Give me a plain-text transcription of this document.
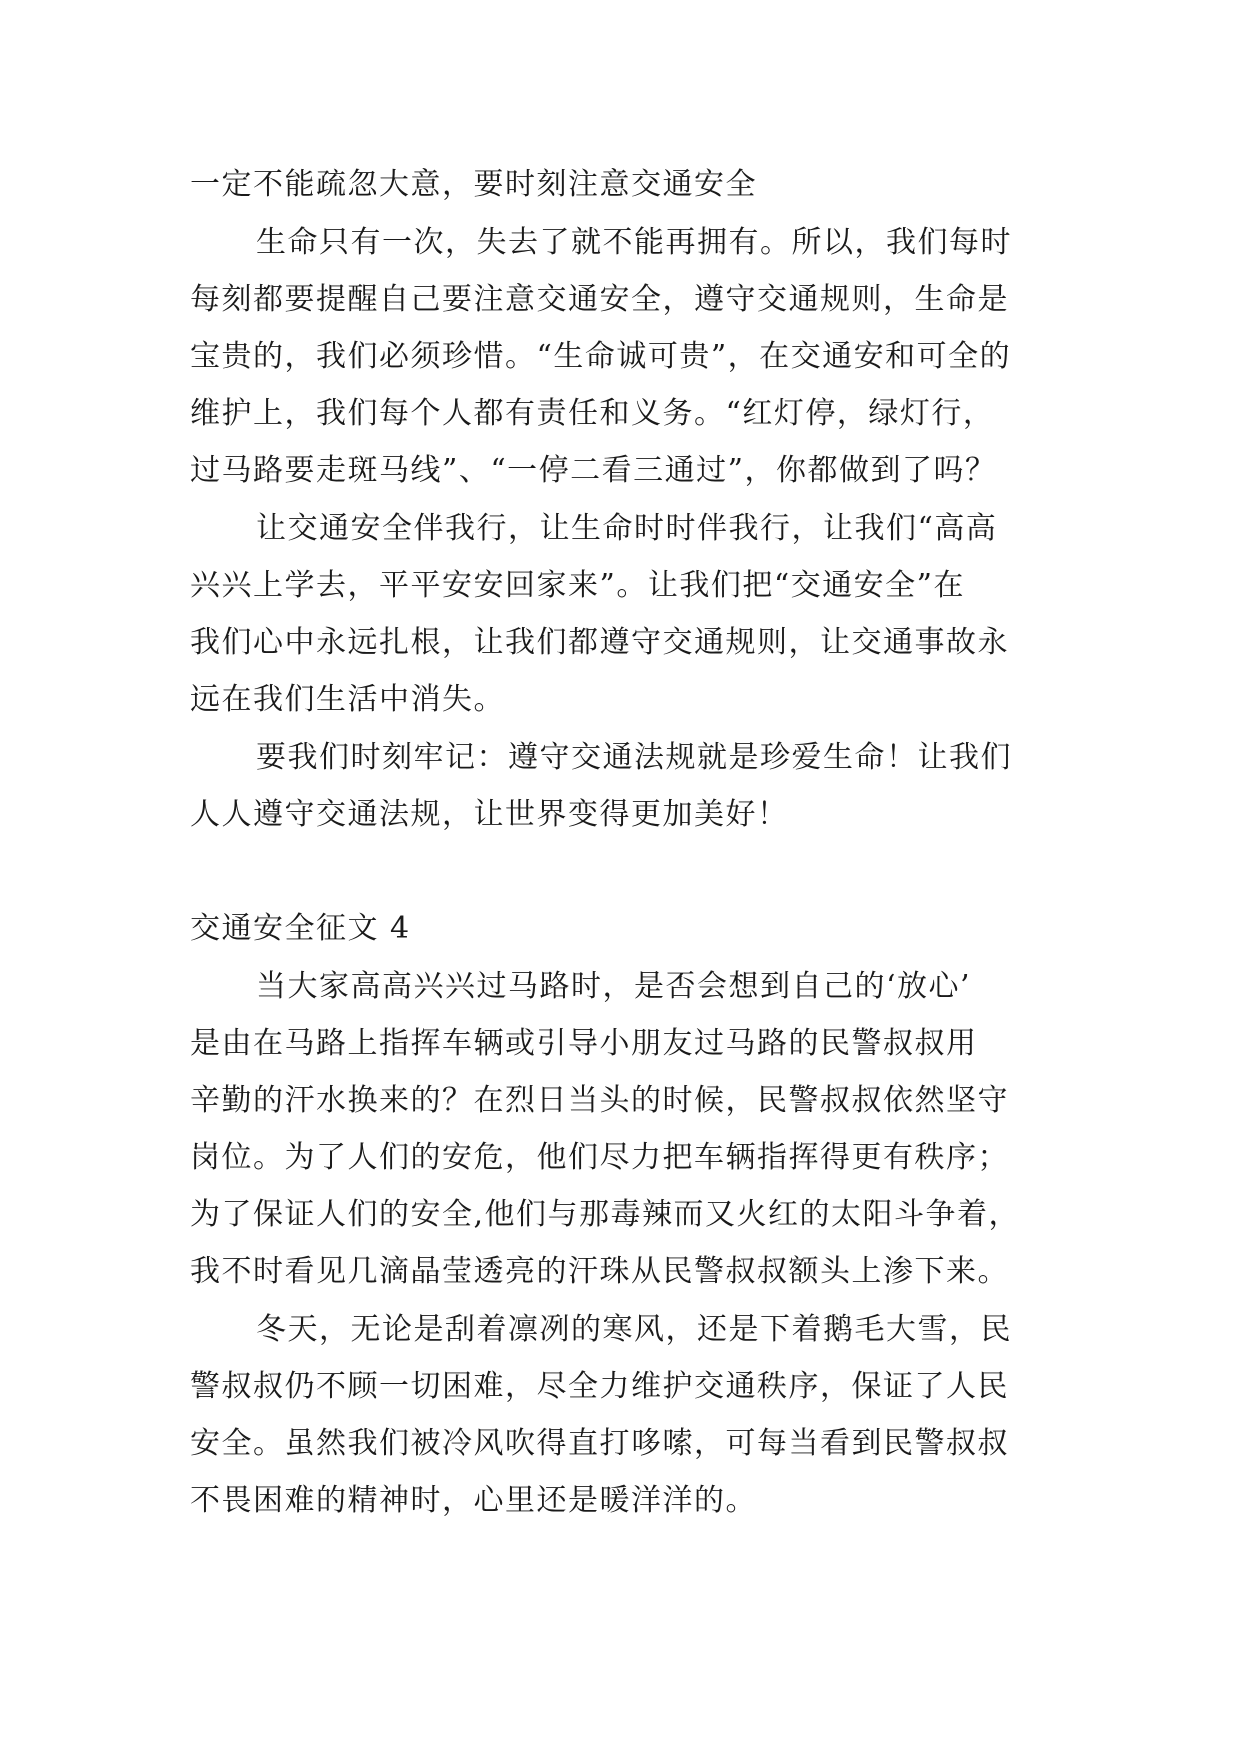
一定不能疏忽大意，要时刻注意交通安全
生命只有一次，失去了就不能再拥有。所以，我们每时
每刻都要提醒自己要注意交通安全，遵守交通规则，生命是
宝贵的，我们必须珍惜。“生命诚可贵”，在交通安和可全的
维护上，我们每个人都有责任和义务。“红灯停，绿灯行，
过马路要走斑马线”、“一停二看三通过”，你都做到了吗？
让交通安全伴我行，让生命时时伴我行，让我们“高高
兴兴上学去，平平安安回家来”。让我们把“交通安全”在
我们心中永远扎根，让我们都遵守交通规则，让交通事故永
远在我们生活中消失。
要我们时刻牢记：遵守交通法规就是珍爱生命！让我们
人人遵守交通法规，让世界变得更加美好！
交通安全征文 4
当大家高高兴兴过马路时，是否会想到自己的‘放心’
是由在马路上指挥车辆或引导小朋友过马路的民警叔叔用
辛勤的汗水换来的？在烈日当头的时候，民警叔叔依然坚守
岗位。为了人们的安危，他们尽力把车辆指挥得更有秩序；
为了保证人们的安全,他们与那毒辣而又火红的太阳斗争着，
我不时看见几滴晶莹透亮的汗珠从民警叔叔额头上渗下来。
冬天，无论是刮着凛冽的寒风，还是下着鹅毛大雪，民
警叔叔仍不顾一切困难，尽全力维护交通秩序，保证了人民
安全。虽然我们被冷风吹得直打哆嗦，可每当看到民警叔叔
不畏困难的精神时，心里还是暖洋洋的。
